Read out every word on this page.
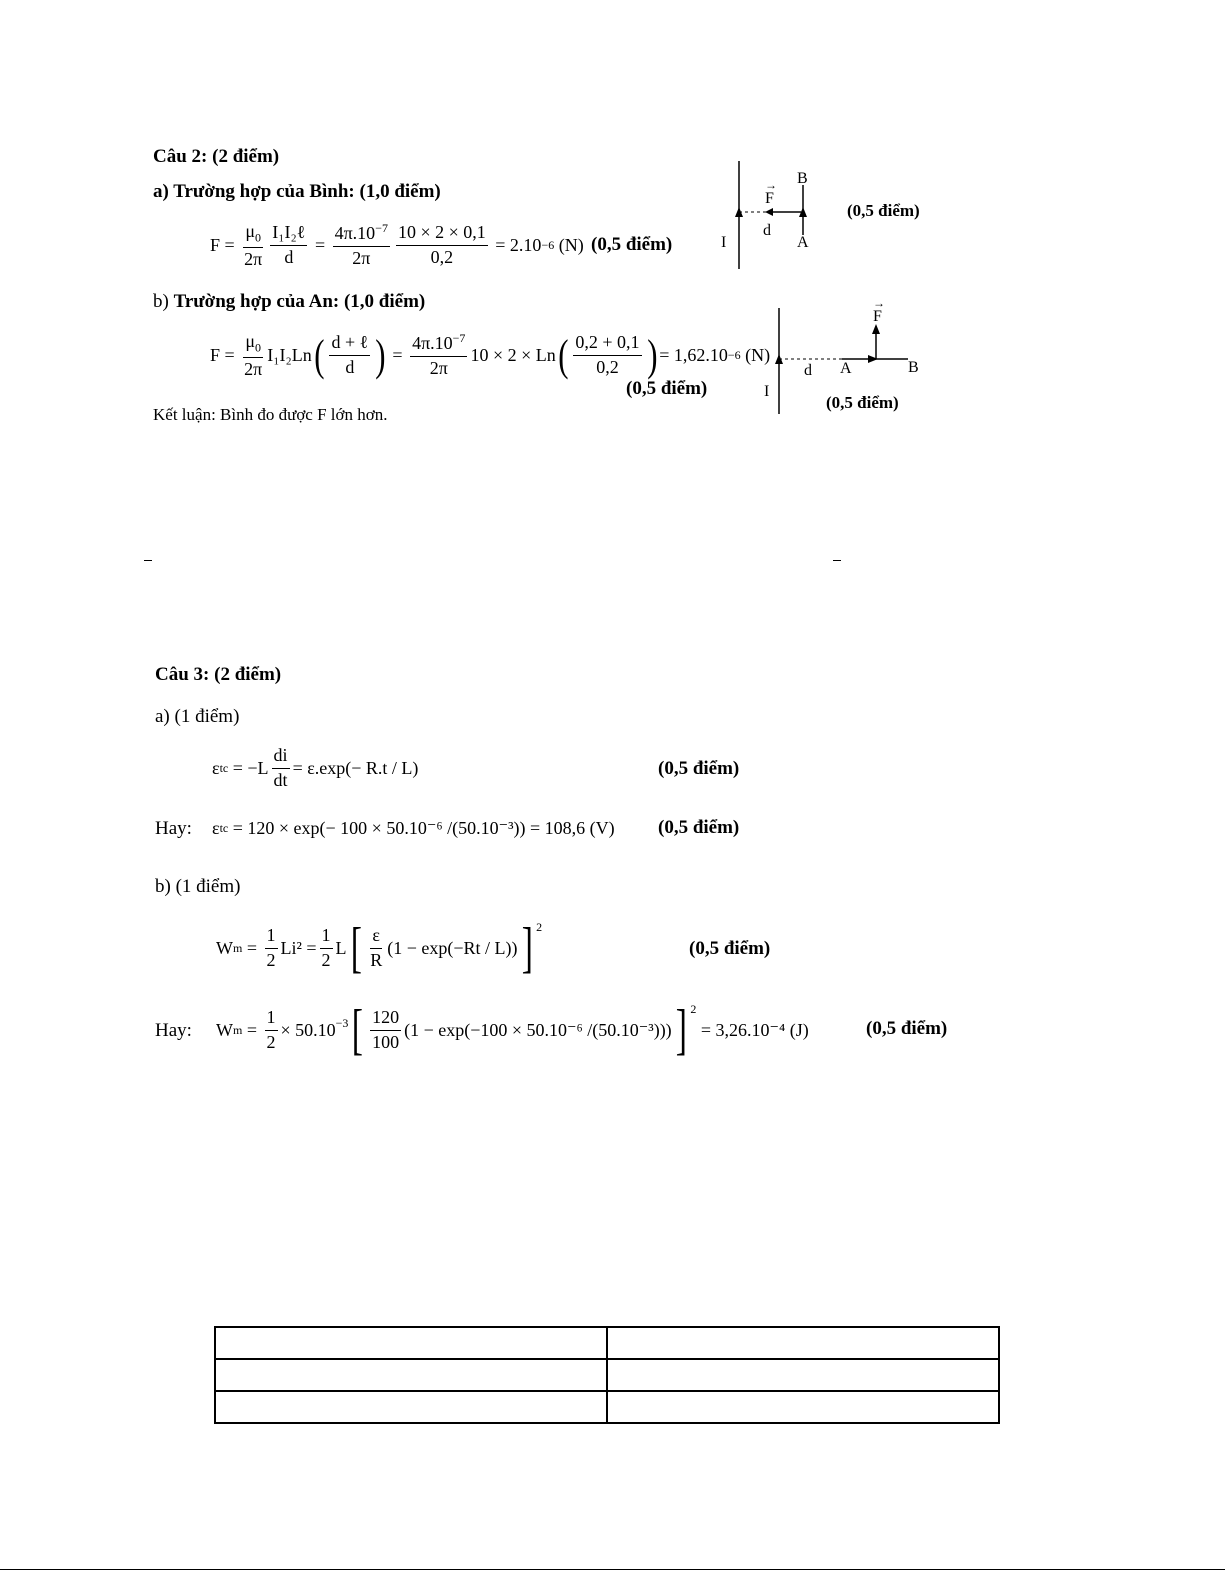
Câu 2: (2 điểm)
a) Trường hợp của Bình: (1,0 điểm)
$F = \frac{\mu_0}{2\pi} \frac{\text{I₁I₂ℓ}}{d} = \frac{4\pi.10^{-7}}{2\pi} \frac{10 \times 2 \times 0,1}{0,2}$
= 2.10 −6
(N) (0,5 điểm)
B
→ F
d
I	A
(0,5 điểm)
b) Trường hợp của An: (1,0 điểm)
$F = \frac{\mu_0}{2\pi} I_1I_2Ln$ ( $\frac{\text{d + ℓ}}{d}$ ) = $\frac{4\pi.10^{-7}}{2\pi} 10 \times 2 \times Ln$ ( $\frac{0,2 + 0,1}{0,2}$ ) = 1,62.10 −6
(N)
(0,5 điểm)
→ F
d A	B
I
(0,5 điểm)
Kết luận: Bình đo được F lớn hơn.
Câu 3: (2 điểm)
a) (1 điểm)
ε tc
= $-L \frac{di}{dt} = \varepsilon.\exp(- R.t / L)$	(0,5 điểm)
Hay: ε tc
= 120 × exp(− 100 × 50.10⁻⁶ /(50.10⁻³)) = 108,6 (V) (0,5 điểm)
b) (1 điểm)
W $m = \frac{1}{2} Li^2 = \frac{1}{2}$ L [ $\frac{\varepsilon}{R} (1 - \exp(-Rt / L))$ ] 2
(0,5 điểm)
Hay: W $m = \frac{1}{2} \times 50.10 -3$ [ $\frac{120}{100} (1 - \exp(-100 \times 50.10^{-6}$ /(50.10⁻³))) ] 2

= 3,26.10⁻⁴ (J)	(0,5 điểm)
